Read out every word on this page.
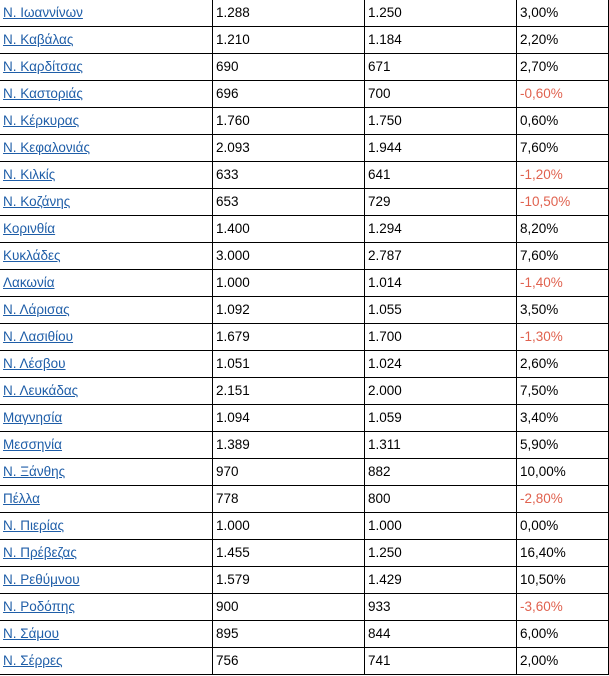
Ν. Ιωαννίνων	1.288	1.250	3,00%
Ν. Καβάλας	1.210	1.184	2,20%
Ν. Καρδίτσας	690	671	2,70%
Ν. Καστοριάς	696	700	-0,60%
Ν. Κέρκυρας	1.760	1.750	0,60%
Ν. Κεφαλονιάς	2.093	1.944	7,60%
Ν. Κιλκίς	633	641	-1,20%
Ν. Κοζάνης	653	729	-10,50%
Κορινθία	1.400	1.294	8,20%
Κυκλάδες	3.000	2.787	7,60%
Λακωνία	1.000	1.014	-1,40%
Ν. Λάρισας	1.092	1.055	3,50%
Ν. Λασιθίου	1.679	1.700	-1,30%
Ν. Λέσβου	1.051	1.024	2,60%
Ν. Λευκάδας	2.151	2.000	7,50%
Μαγνησία	1.094	1.059	3,40%
Μεσσηνία	1.389	1.311	5,90%
Ν. Ξάνθης	970	882	10,00%
Πέλλα	778	800	-2,80%
Ν. Πιερίας	1.000	1.000	0,00%
Ν. Πρέβεζας	1.455	1.250	16,40%
Ν. Ρεθύμνου	1.579	1.429	10,50%
Ν. Ροδόπης	900	933	-3,60%
Ν. Σάμου	895	844	6,00%
Ν. Σέρρες	756	741	2,00%
